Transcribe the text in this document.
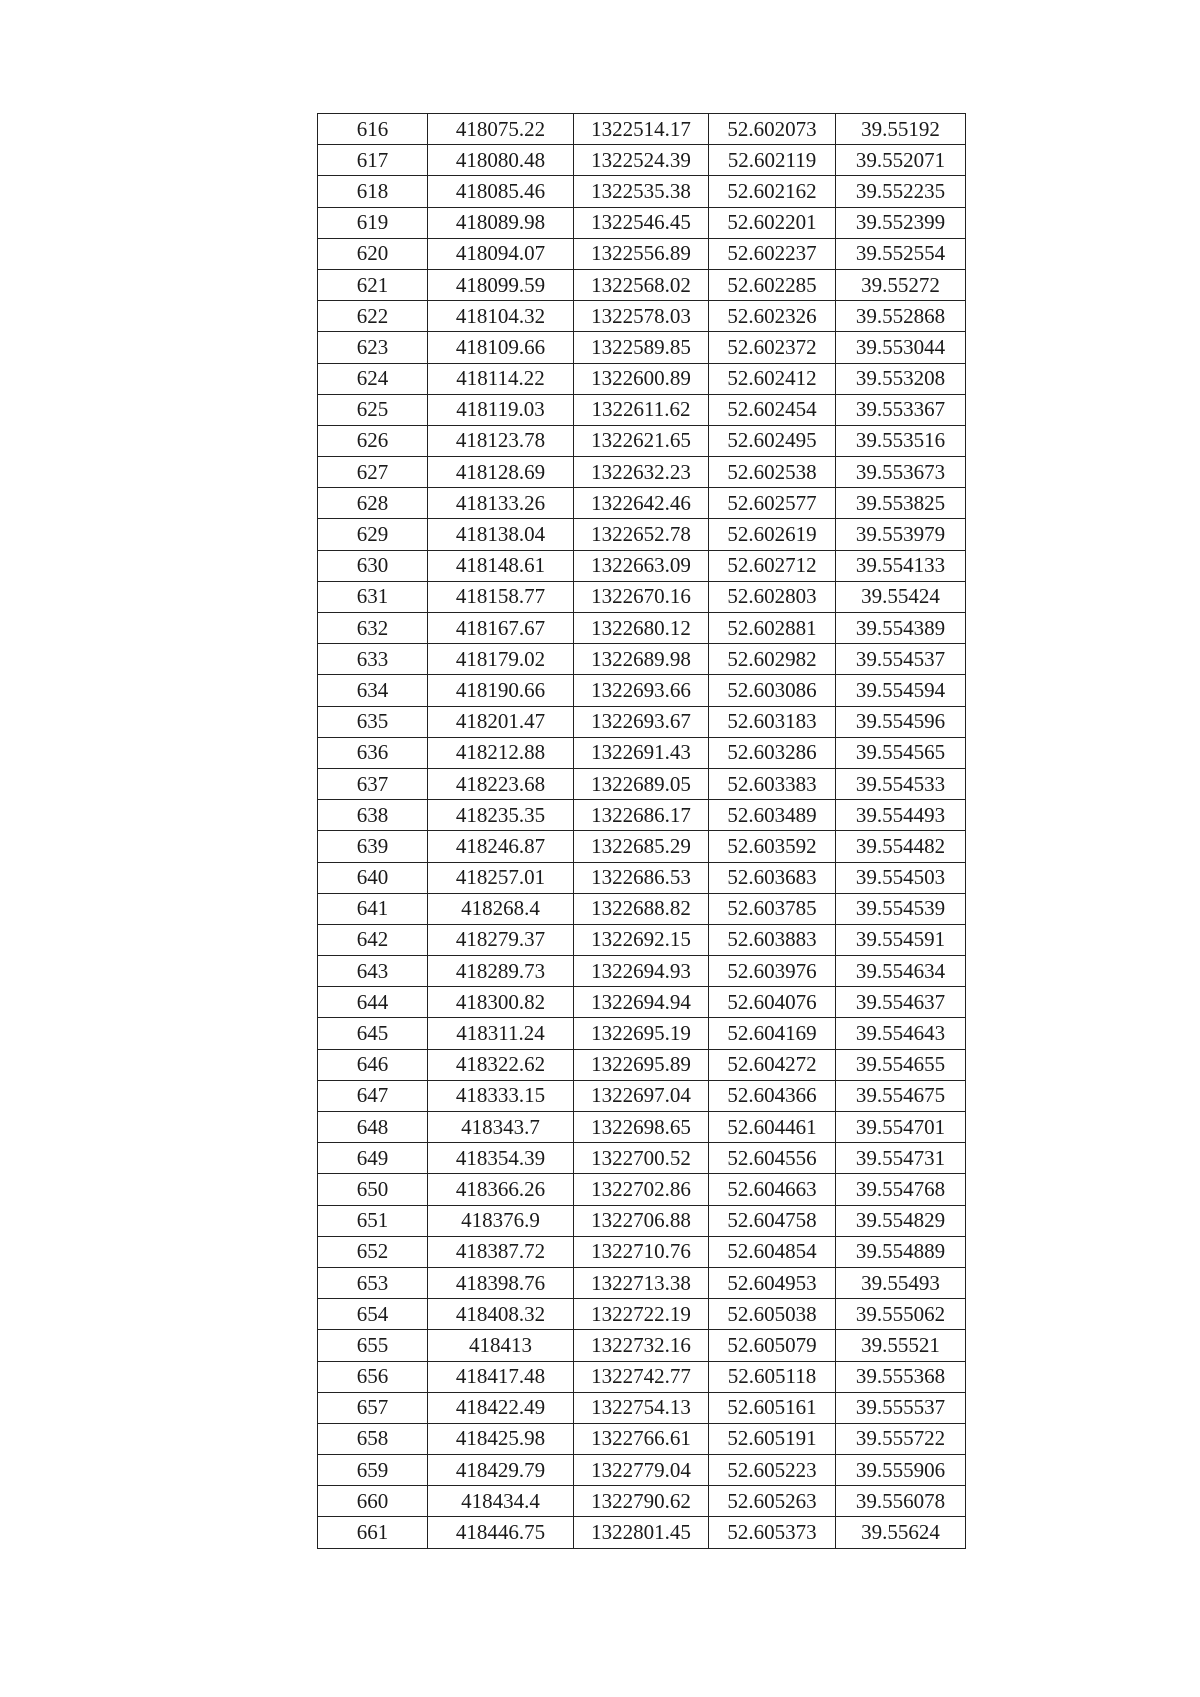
616	418075.22	1322514.17	52.602073	39.55192
617	418080.48	1322524.39	52.602119	39.552071
618	418085.46	1322535.38	52.602162	39.552235
619	418089.98	1322546.45	52.602201	39.552399
620	418094.07	1322556.89	52.602237	39.552554
621	418099.59	1322568.02	52.602285	39.55272
622	418104.32	1322578.03	52.602326	39.552868
623	418109.66	1322589.85	52.602372	39.553044
624	418114.22	1322600.89	52.602412	39.553208
625	418119.03	1322611.62	52.602454	39.553367
626	418123.78	1322621.65	52.602495	39.553516
627	418128.69	1322632.23	52.602538	39.553673
628	418133.26	1322642.46	52.602577	39.553825
629	418138.04	1322652.78	52.602619	39.553979
630	418148.61	1322663.09	52.602712	39.554133
631	418158.77	1322670.16	52.602803	39.55424
632	418167.67	1322680.12	52.602881	39.554389
633	418179.02	1322689.98	52.602982	39.554537
634	418190.66	1322693.66	52.603086	39.554594
635	418201.47	1322693.67	52.603183	39.554596
636	418212.88	1322691.43	52.603286	39.554565
637	418223.68	1322689.05	52.603383	39.554533
638	418235.35	1322686.17	52.603489	39.554493
639	418246.87	1322685.29	52.603592	39.554482
640	418257.01	1322686.53	52.603683	39.554503
641	418268.4	1322688.82	52.603785	39.554539
642	418279.37	1322692.15	52.603883	39.554591
643	418289.73	1322694.93	52.603976	39.554634
644	418300.82	1322694.94	52.604076	39.554637
645	418311.24	1322695.19	52.604169	39.554643
646	418322.62	1322695.89	52.604272	39.554655
647	418333.15	1322697.04	52.604366	39.554675
648	418343.7	1322698.65	52.604461	39.554701
649	418354.39	1322700.52	52.604556	39.554731
650	418366.26	1322702.86	52.604663	39.554768
651	418376.9	1322706.88	52.604758	39.554829
652	418387.72	1322710.76	52.604854	39.554889
653	418398.76	1322713.38	52.604953	39.55493
654	418408.32	1322722.19	52.605038	39.555062
655	418413	1322732.16	52.605079	39.55521
656	418417.48	1322742.77	52.605118	39.555368
657	418422.49	1322754.13	52.605161	39.555537
658	418425.98	1322766.61	52.605191	39.555722
659	418429.79	1322779.04	52.605223	39.555906
660	418434.4	1322790.62	52.605263	39.556078
661	418446.75	1322801.45	52.605373	39.55624
